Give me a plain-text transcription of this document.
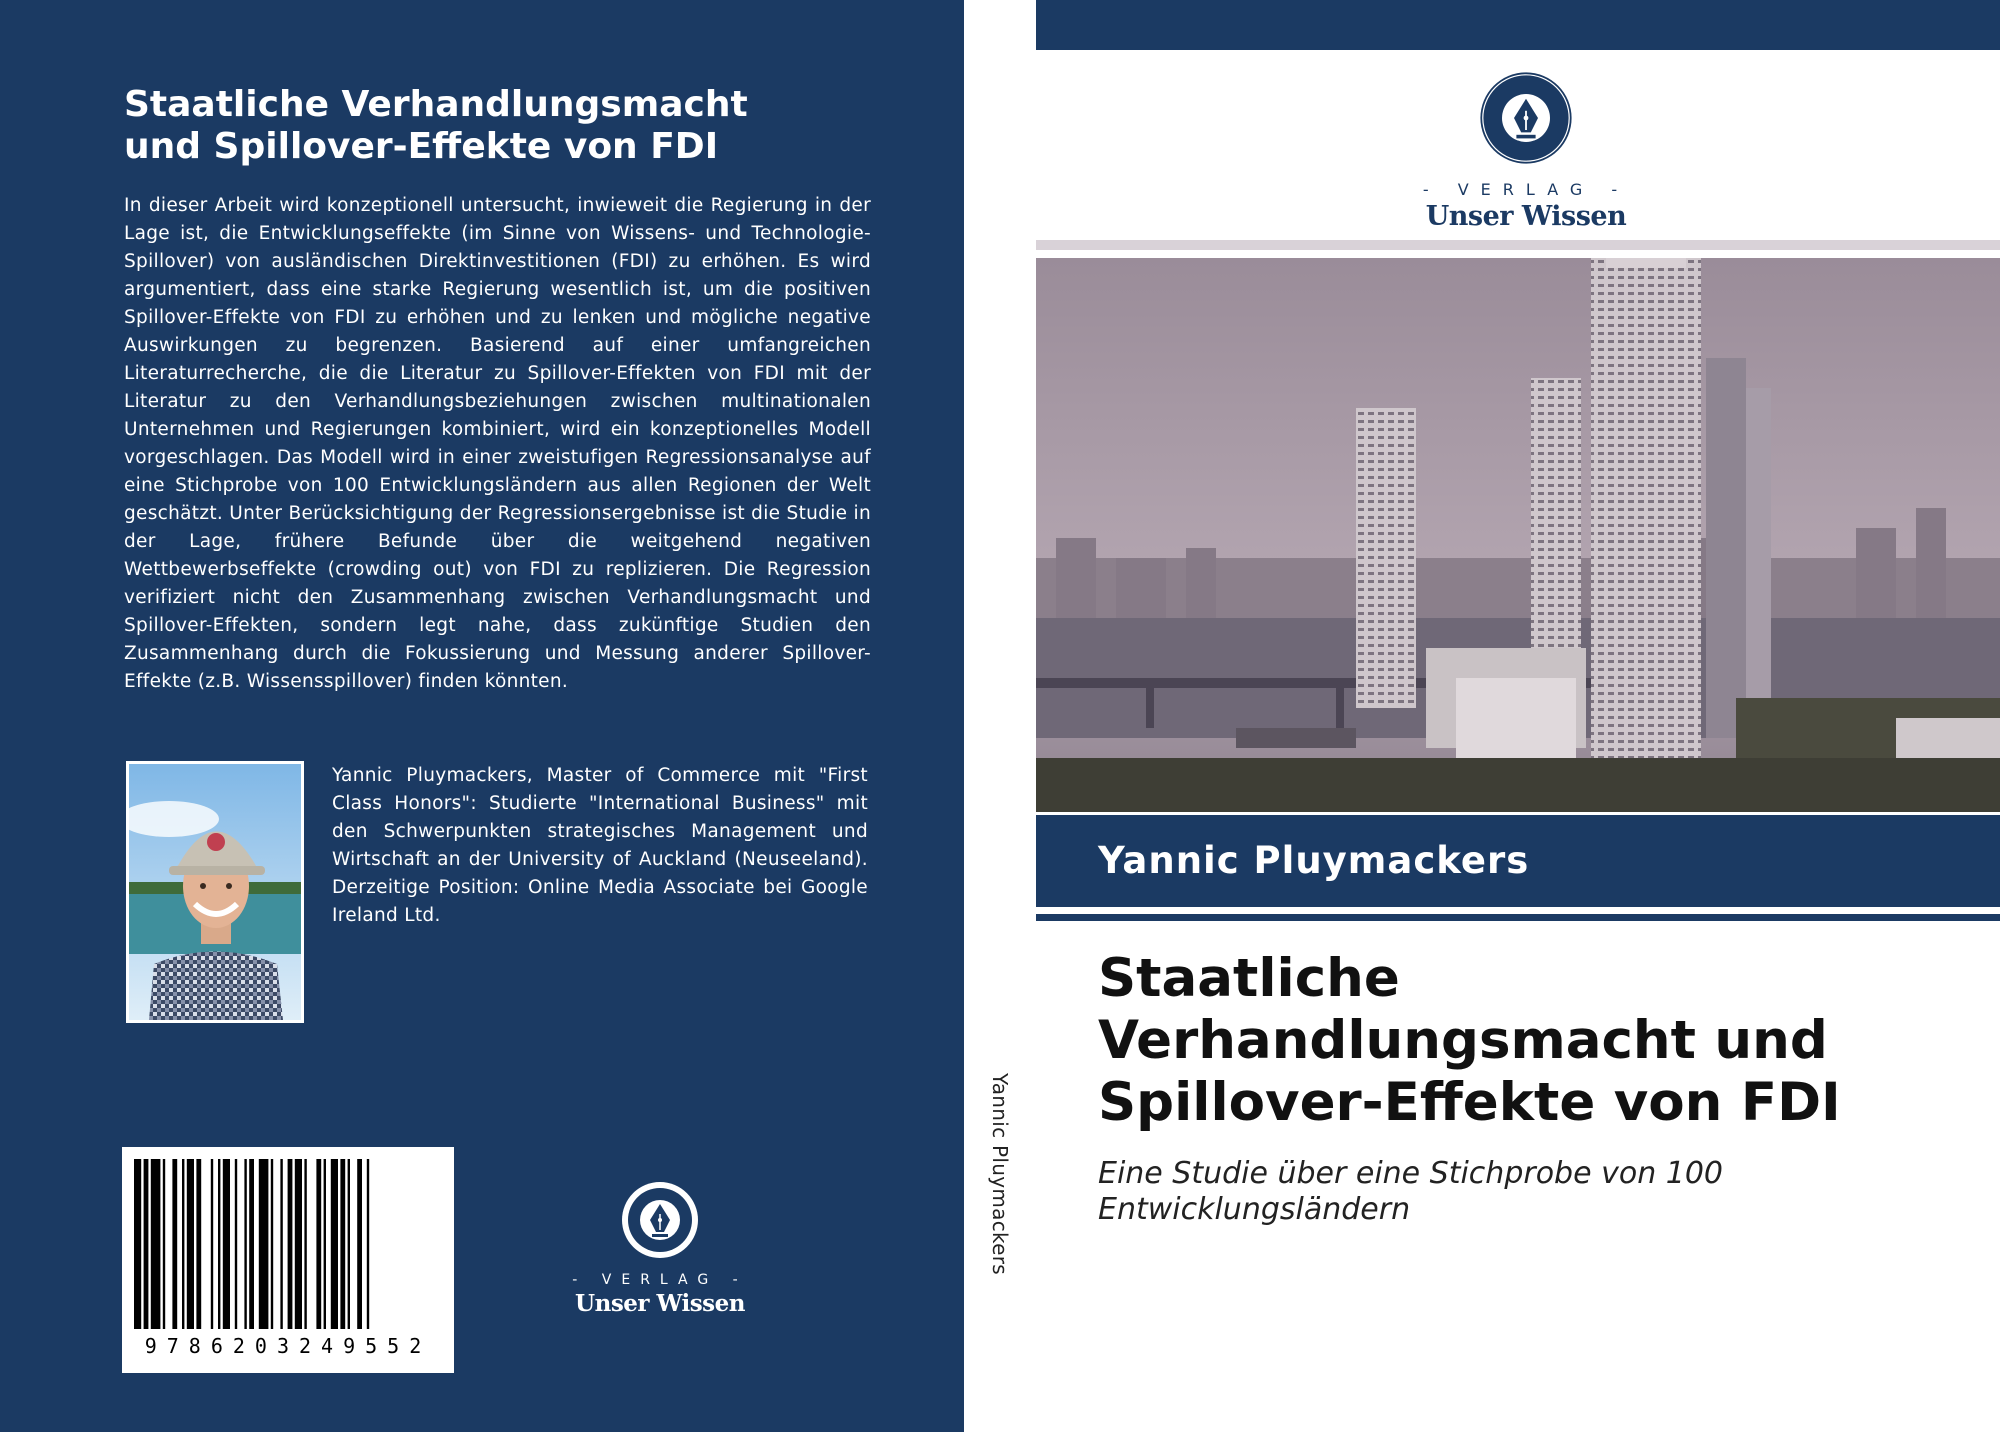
Staatliche Verhandlungsmacht
und Spillover-Effekte von FDI

In dieser Arbeit wird konzeptionell untersucht, inwieweit die Regierung in der Lage ist, die Entwicklungseffekte (im Sinne von Wissens- und Technologie-Spillover) von ausländischen Direktinvestitionen (FDI) zu erhöhen. Es wird argumentiert, dass eine starke Regierung wesentlich ist, um die positiven Spillover-Effekte von FDI zu erhöhen und zu lenken und mögliche negative Auswirkungen zu begrenzen. Basierend auf einer umfangreichen Literaturrecherche, die die Literatur zu Spillover-Effekten von FDI mit der Literatur zu den Verhandlungsbeziehungen zwischen multinationalen Unternehmen und Regierungen kombiniert, wird ein konzeptionelles Modell vorgeschlagen. Das Modell wird in einer zweistufigen Regressionsanalyse auf eine Stichprobe von 100 Entwicklungsländern aus allen Regionen der Welt geschätzt. Unter Berücksichtigung der Regressionsergebnisse ist die Studie in der Lage, frühere Befunde über die weitgehend negativen Wettbewerbseffekte (crowding out) von FDI zu replizieren. Die Regression verifiziert nicht den Zusammenhang zwischen Verhandlungsmacht und Spillover-Effekten, sondern legt nahe, dass zukünftige Studien den Zusammenhang durch die Fokussierung und Messung anderer Spillover-Effekte (z.B. Wissensspillover) finden könnten.

Yannic Pluymackers, Master of Commerce mit "First Class Honors": Studierte "International Business" mit den Schwerpunkten strategisches Management und Wirtschaft an der University of Auckland (Neuseeland). Derzeitige Position: Online Media Associate bei Google Ireland Ltd.

9786203249552
- VERLAG -
Unser Wissen
Yannic Pluymackers
- VERLAG -
Unser Wissen
Yannic Pluymackers
Staatliche
Verhandlungsmacht und
Spillover-Effekte von FDI

Eine Studie über eine Stichprobe von 100
Entwicklungsländern
